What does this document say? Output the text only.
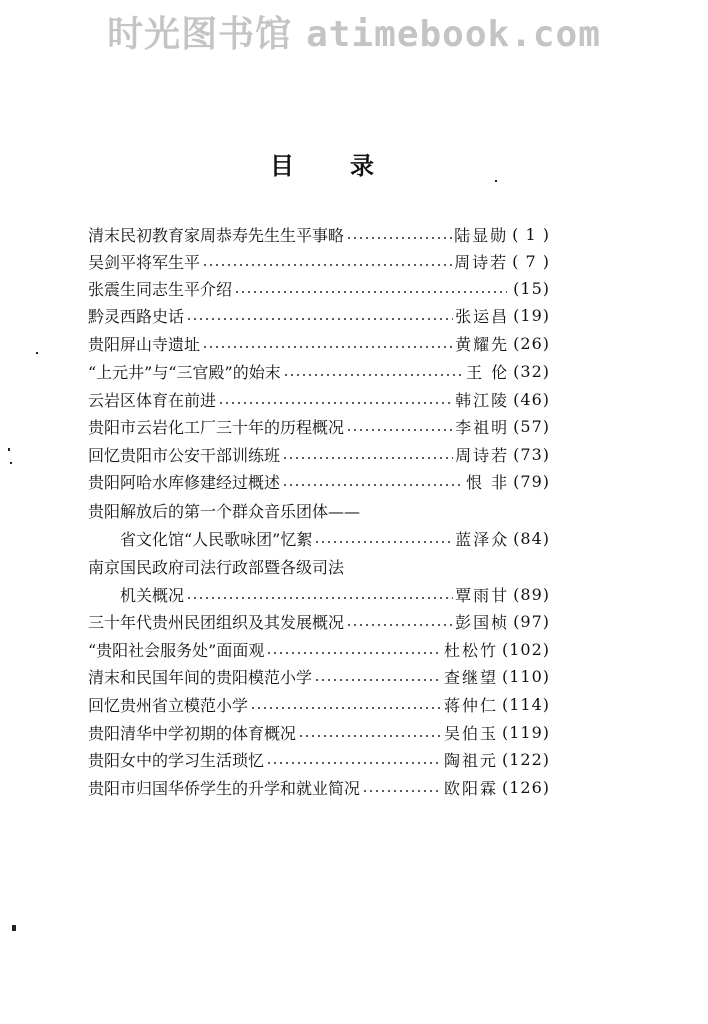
时光图书馆 atimebook.com
目录
清末民初教育家周恭寿先生生平事略	陆显勋 ( 1 )
吴剑平将军生平	周诗若 ( 7 )
张震生同志生平介绍	(15)
黔灵西路史话	张运昌 (19)
贵阳屏山寺遗址	黄耀先 (26)
“上元井”与“三官殿”的始末	王 伦 (32)
云岩区体育在前进	韩江陵 (46)
贵阳市云岩化工厂三十年的历程概况	李祖明 (57)
回忆贵阳市公安干部训练班	周诗若 (73)
贵阳阿哈水库修建经过概述	恨 非 (79)
贵阳解放后的第一个群众音乐团体——
省文化馆“人民歌咏团”忆絮	蓝泽众 (84)
南京国民政府司法行政部暨各级司法
机关概况	覃雨甘 (89)
三十年代贵州民团组织及其发展概况	彭国桢 (97)
“贵阳社会服务处”面面观	杜松竹 (102)
清末和民国年间的贵阳模范小学	查继望 (110)
回忆贵州省立模范小学	蒋仲仁 (114)
贵阳清华中学初期的体育概况	吴伯玉 (119)
贵阳女中的学习生活琐忆	陶祖元 (122)
贵阳市归国华侨学生的升学和就业简况	欧阳霖 (126)
